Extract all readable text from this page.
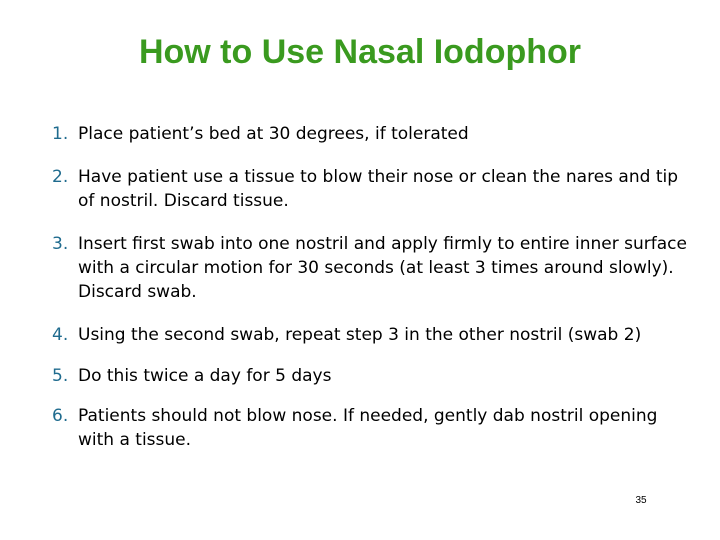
How to Use Nasal Iodophor
1. Place patient’s bed at 30 degrees, if tolerated
2. Have patient use a tissue to blow their nose or clean the nares and tip of nostril. Discard tissue.
3. Insert first swab into one nostril and apply firmly to entire inner surface with a circular motion for 30 seconds (at least 3 times around slowly). Discard swab.
4. Using the second swab, repeat step 3 in the other nostril (swab 2)
5. Do this twice a day for 5 days
6. Patients should not blow nose. If needed, gently dab nostril opening with a tissue.
35
